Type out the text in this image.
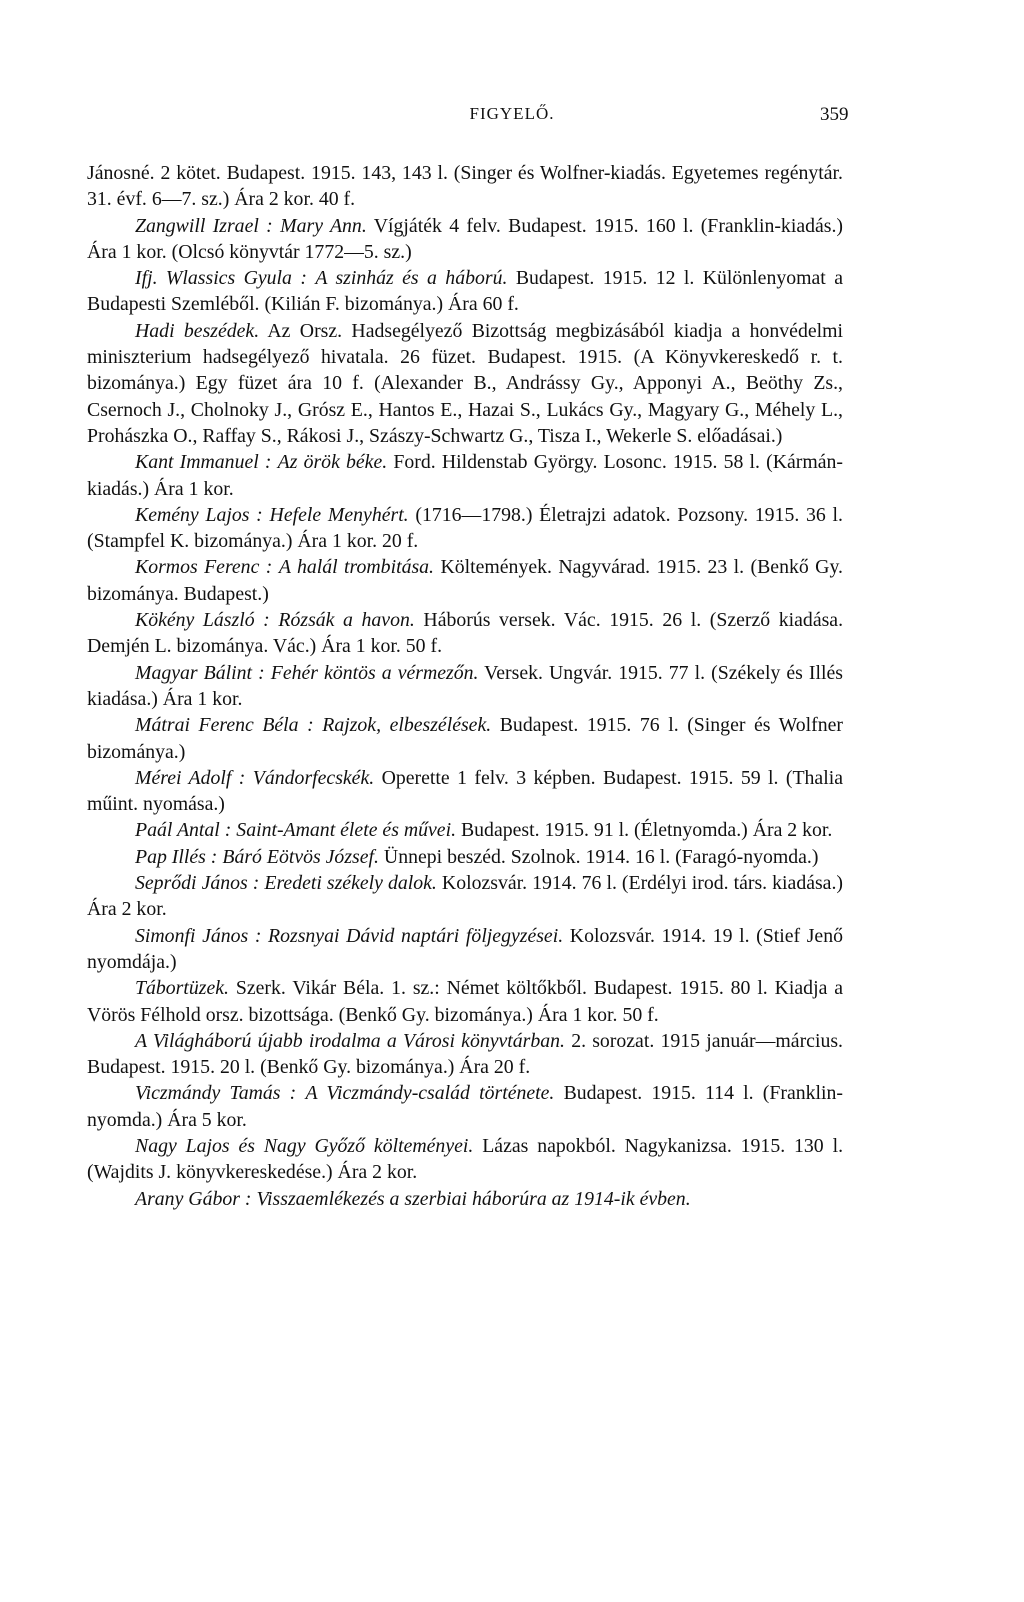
FIGYELŐ.	359

Jánosné. 2 kötet. Budapest. 1915. 143, 143 l. (Singer és Wolfner-kiadás. Egyetemes regénytár. 31. évf. 6—7. sz.) Ára 2 kor. 40 f.

Zangwill Izrael : Mary Ann. Vígjáték 4 felv. Budapest. 1915. 160 l. (Franklin-kiadás.) Ára 1 kor. (Olcsó könyvtár 1772—5. sz.)

Ifj. Wlassics Gyula : A szinház és a háború. Budapest. 1915. 12 l. Különlenyomat a Budapesti Szemléből. (Kilián F. bizománya.) Ára 60 f.

Hadi beszédek. Az Orsz. Hadsegélyező Bizottság megbizásából kiadja a honvédelmi miniszterium hadsegélyező hivatala. 26 füzet. Budapest. 1915. (A Könyvkereskedő r. t. bizománya.) Egy füzet ára 10 f. (Alexander B., Andrássy Gy., Apponyi A., Beöthy Zs., Csernoch J., Cholnoky J., Grósz E., Hantos E., Hazai S., Lukács Gy., Magyary G., Méhely L., Prohászka O., Raffay S., Rákosi J., Szászy-Schwartz G., Tisza I., Wekerle S. előadásai.)

Kant Immanuel : Az örök béke. Ford. Hildenstab György. Losonc. 1915. 58 l. (Kármán-kiadás.) Ára 1 kor.

Kemény Lajos : Hefele Menyhért. (1716—1798.) Életrajzi adatok. Pozsony. 1915. 36 l. (Stampfel K. bizománya.) Ára 1 kor. 20 f.

Kormos Ferenc : A halál trombitása. Költemények. Nagyvárad. 1915. 23 l. (Benkő Gy. bizománya. Budapest.)

Kökény László : Rózsák a havon. Háborús versek. Vác. 1915. 26 l. (Szerző kiadása. Demjén L. bizománya. Vác.) Ára 1 kor. 50 f.

Magyar Bálint : Fehér köntös a vérmezőn. Versek. Ungvár. 1915. 77 l. (Székely és Illés kiadása.) Ára 1 kor.

Mátrai Ferenc Béla : Rajzok, elbeszélések. Budapest. 1915. 76 l. (Singer és Wolfner bizománya.)

Mérei Adolf : Vándorfecskék. Operette 1 felv. 3 képben. Budapest. 1915. 59 l. (Thalia műint. nyomása.)

Paál Antal : Saint-Amant élete és művei. Budapest. 1915. 91 l. (Életnyomda.) Ára 2 kor.

Pap Illés : Báró Eötvös József. Ünnepi beszéd. Szolnok. 1914. 16 l. (Faragó-nyomda.)

Seprődi János : Eredeti székely dalok. Kolozsvár. 1914. 76 l. (Erdélyi irod. társ. kiadása.) Ára 2 kor.

Simonfi János : Rozsnyai Dávid naptári följegyzései. Kolozsvár. 1914. 19 l. (Stief Jenő nyomdája.)

Tábortüzek. Szerk. Vikár Béla. 1. sz.: Német költőkből. Budapest. 1915. 80 l. Kiadja a Vörös Félhold orsz. bizottsága. (Benkő Gy. bizománya.) Ára 1 kor. 50 f.

A Világháború újabb irodalma a Városi könyvtárban. 2. sorozat. 1915 január—március. Budapest. 1915. 20 l. (Benkő Gy. bizománya.) Ára 20 f.

Viczmándy Tamás : A Viczmándy-család története. Budapest. 1915. 114 l. (Franklin-nyomda.) Ára 5 kor.

Nagy Lajos és Nagy Győző költeményei. Lázas napokból. Nagykanizsa. 1915. 130 l. (Wajdits J. könyvkereskedése.) Ára 2 kor.

Arany Gábor : Visszaemlékezés a szerbiai háborúra az 1914-ik évben.
